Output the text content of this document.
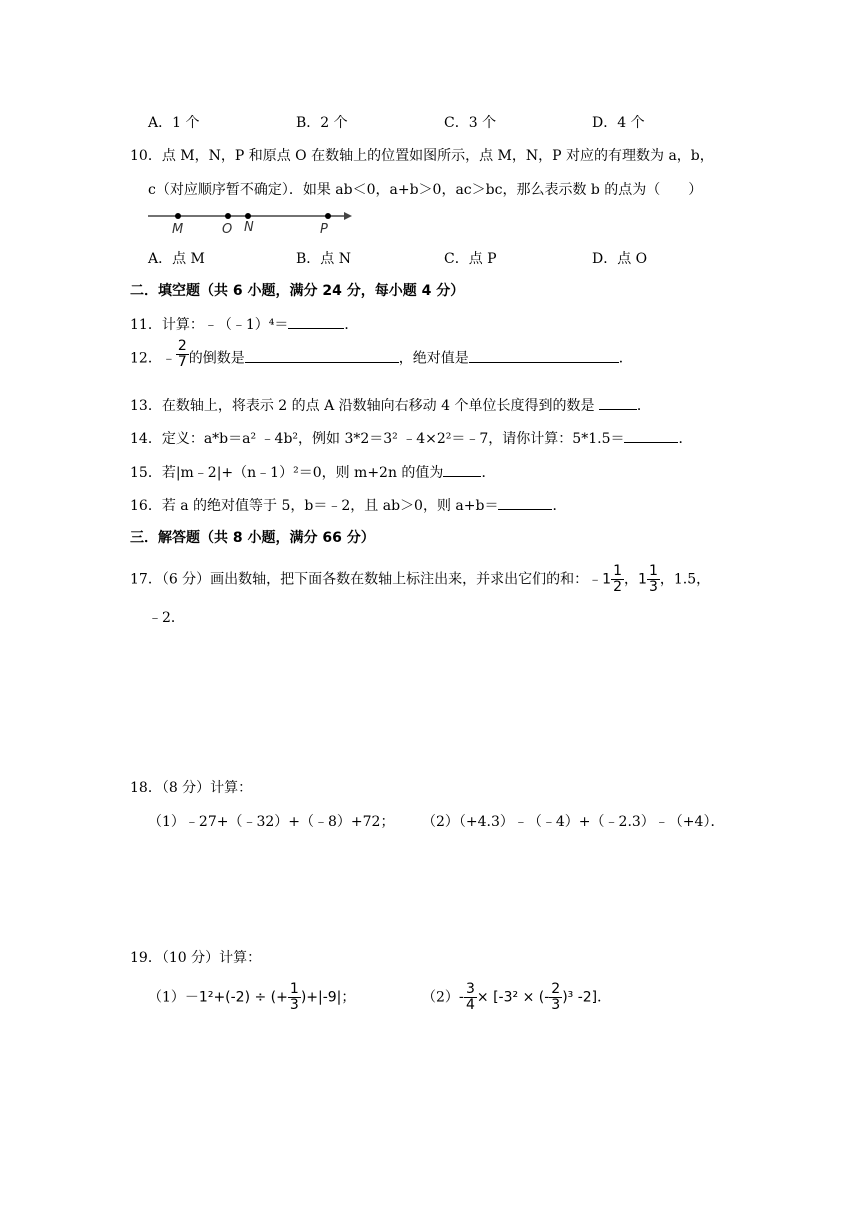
A．1 个	B．2 个	C．3 个	D．4 个
10．点 M，N，P 和原点 O 在数轴上的位置如图所示，点 M，N，P 对应的有理数为 a，b，
c（对应顺序暂不确定）．如果 ab＜0，a+b＞0，ac＞bc，那么表示数 b 的点为（　　）
M	O N	P
A．点 M	B．点 N	C．点 P	D．点 O
二．填空题（共 6 小题，满分 24 分，每小题 4 分）
11．计算：﹣（﹣1）⁴＝	．
12．﹣ $\frac{2}{7}$ 的倒数是	，绝对值是	．
13．在数轴上，将表示 2 的点 A 沿数轴向右移动 4 个单位长度得到的数是	．
14．定义：a*b＝a² ﹣4b²，例如 3*2＝3² ﹣4×2²＝﹣7，请你计算：5*1.5＝	．
15．若|m﹣2|+（n﹣1）²＝0，则 m+2n 的值为	．
16．若 a 的绝对值等于 5，b＝﹣2，且 ab＞0，则 a+b＝	．
三．解答题（共 8 小题，满分 66 分）
17．（6 分）画出数轴，把下面各数在数轴上标注出来，并求出它们的和：﹣1 $\frac{1}{2}$ ，$1 \frac{1}{3}$ ，1.5，
﹣2．
18．（8 分）计算：
（1）﹣27+（﹣32）+（﹣8）+72； （2）（+4.3）﹣（﹣4）+（﹣2.3）﹣（+4）．
19．（10 分）计算：
（1）－1²+(-2) ÷ (+ $\frac{1}{3} )+|-9|$；	$(2)- \frac{3}{4} \times [-3^2$ × (- $\frac{2}{3} )^3$ -2]．
